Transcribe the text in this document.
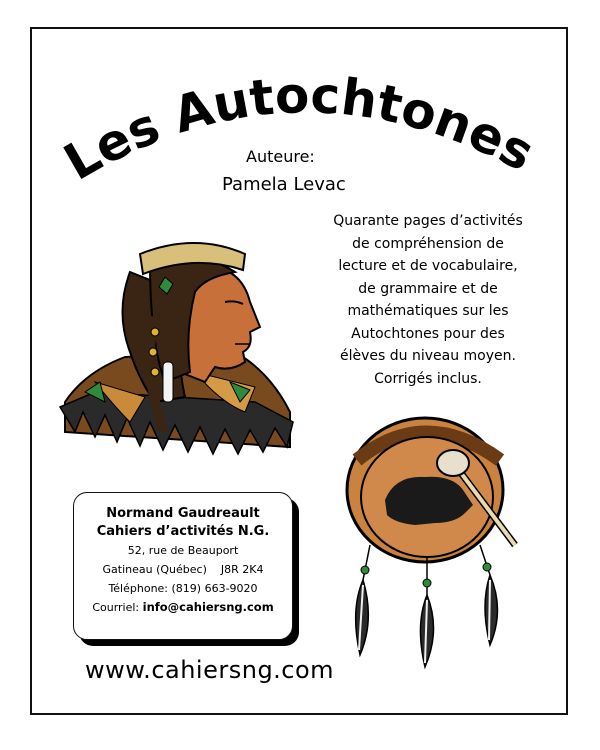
Les Autochtones
Auteure:
Pamela Levac
Quarante pages d’activités
de compréhension de
lecture et de vocabulaire,
de grammaire et de
mathématiques sur les
Autochtones pour des
élèves du niveau moyen.
Corrigés inclus.
Normand Gaudreault
Cahiers d’activités N.G.
52, rue de Beauport
Gatineau (Québec) J8R 2K4
Téléphone: (819) 663-9020
Courriel: info@cahiersng.com
www.cahiersng.com
